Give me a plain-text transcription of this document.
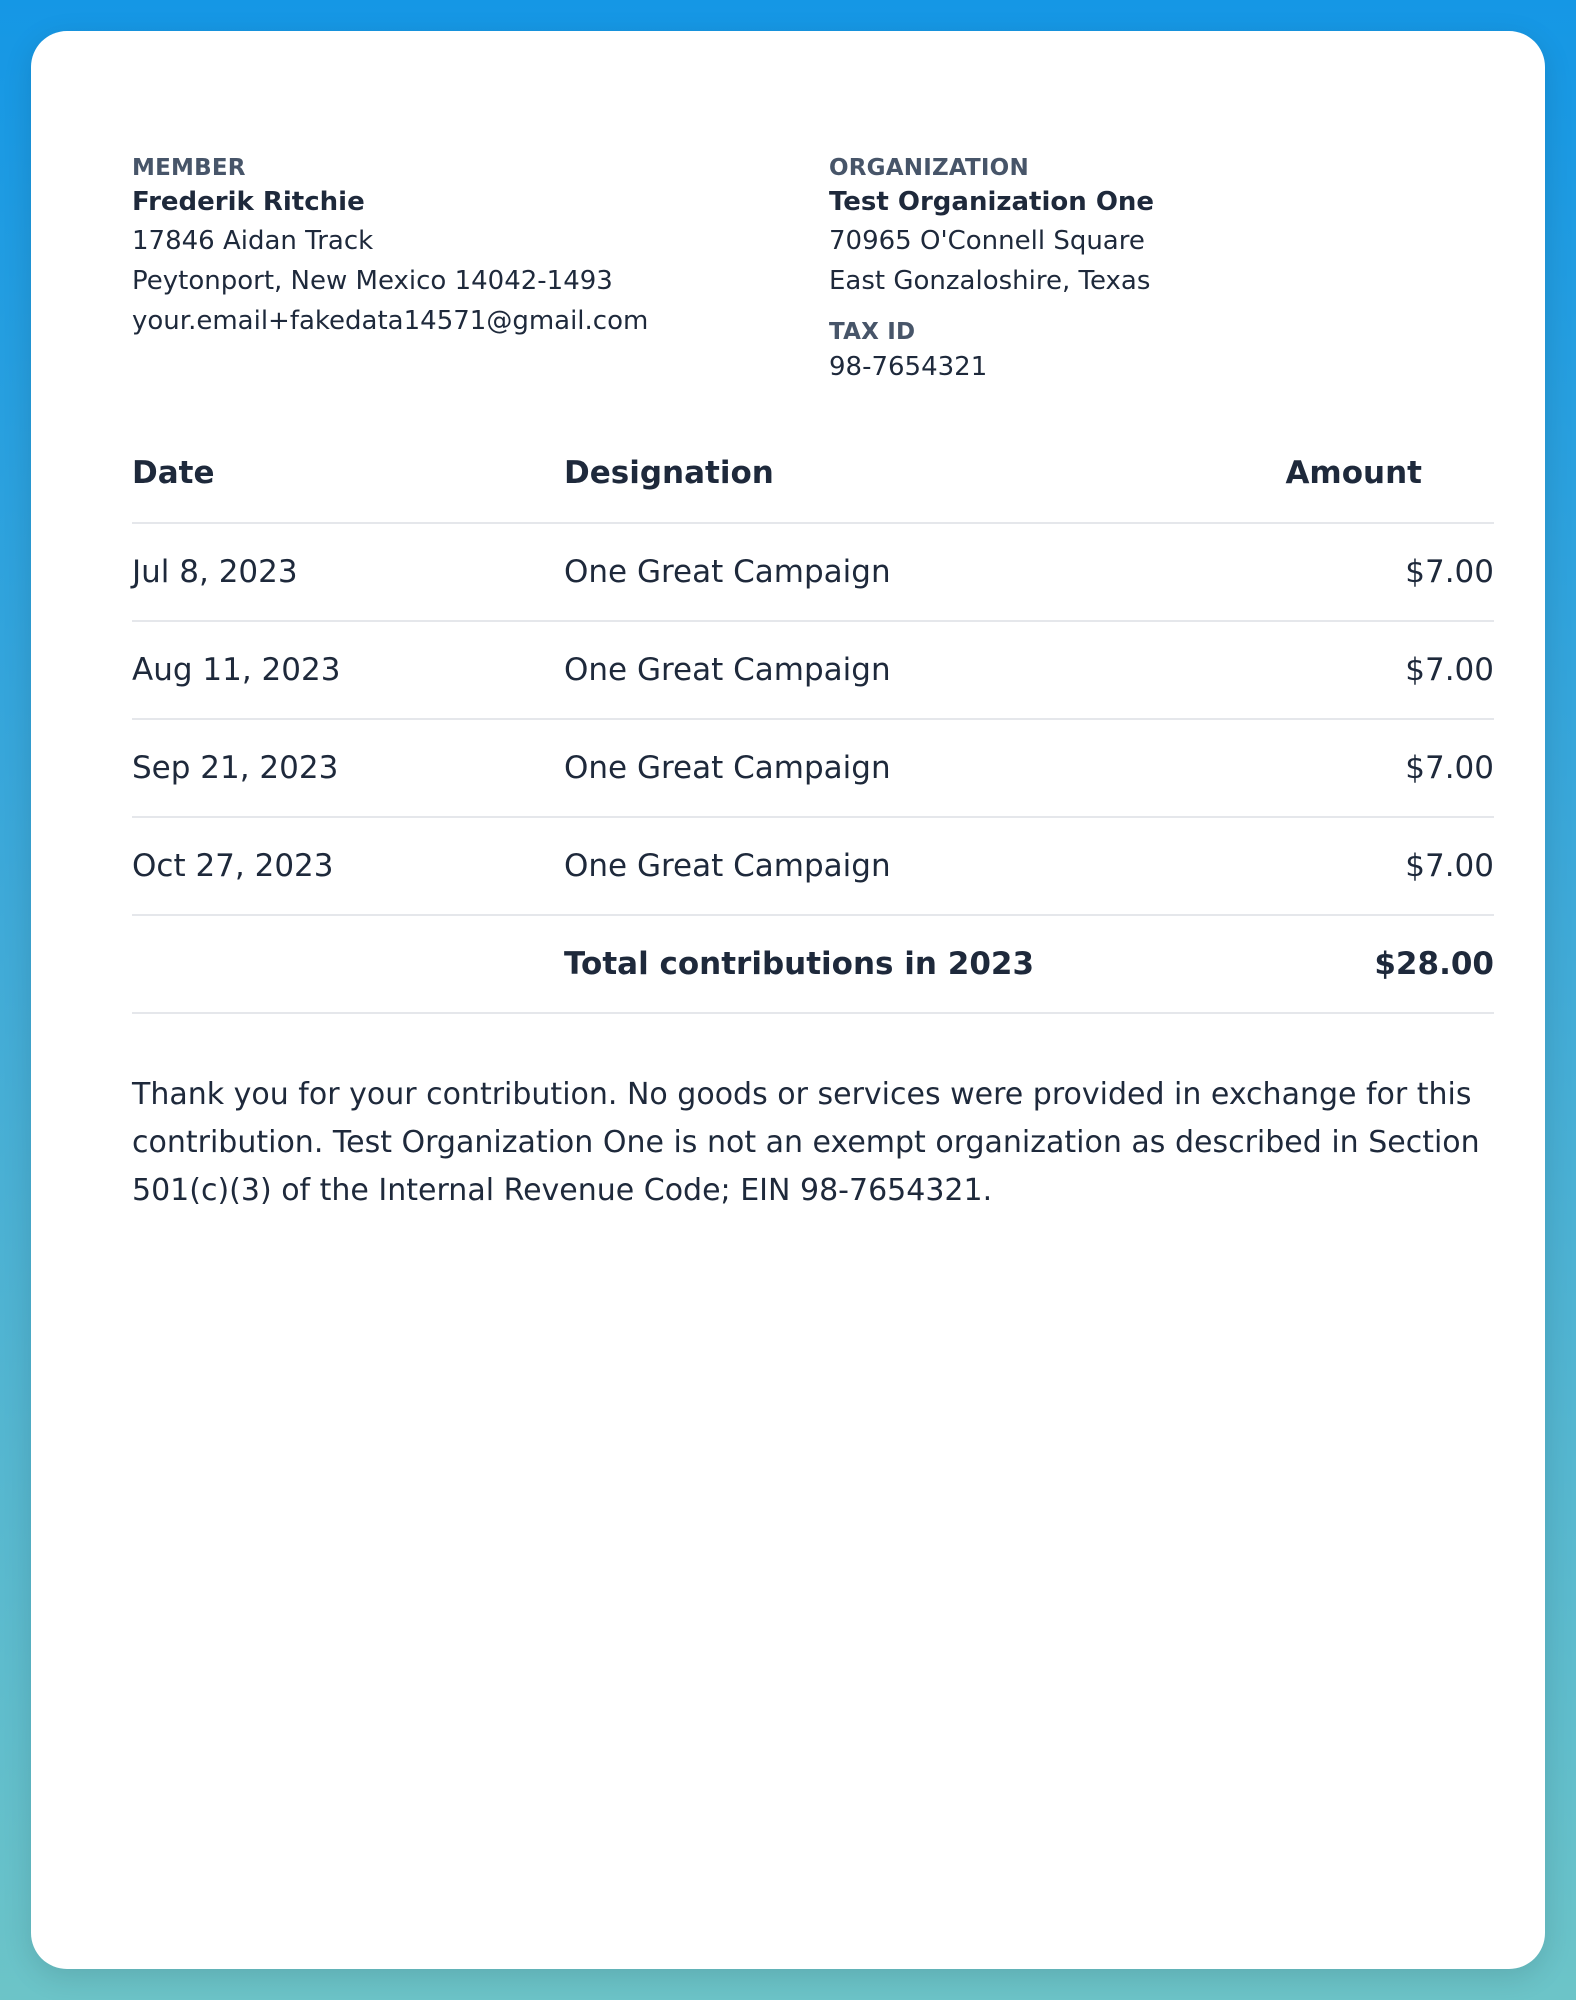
MEMBER
Frederik Ritchie
17846 Aidan Track
Peytonport, New Mexico 14042-1493
your.email+fakedata14571@gmail.com
ORGANIZATION
Test Organization One
70965 O'Connell Square
East Gonzaloshire, Texas
TAX ID
98-7654321
Date	Designation	Amount
Jul 8, 2023	One Great Campaign	$7.00
Aug 11, 2023	One Great Campaign	$7.00
Sep 21, 2023	One Great Campaign	$7.00
Oct 27, 2023	One Great Campaign	$7.00
	Total contributions in 2023	$28.00
Thank you for your contribution. No goods or services were provided in exchange for this contribution. Test Organization One is not an exempt organization as described in Section 501(c)(3) of the Internal Revenue Code; EIN 98-7654321.
